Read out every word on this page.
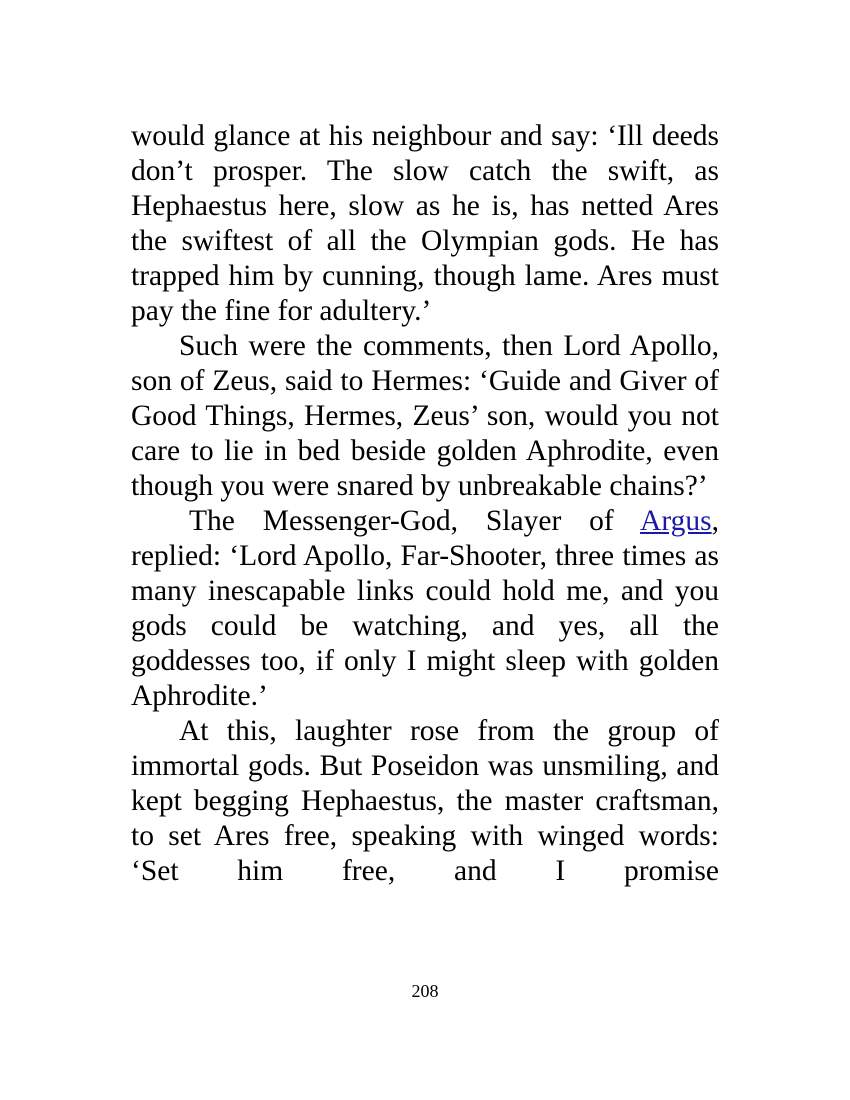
would glance at his neighbour and say: ‘Ill deeds don’t prosper. The slow catch the swift, as Hephaestus here, slow as he is, has netted Ares the swiftest of all the Olympian gods. He has trapped him by cunning, though lame. Ares must pay the fine for adultery.’

Such were the comments, then Lord Apollo, son of Zeus, said to Hermes: ‘Guide and Giver of Good Things, Hermes, Zeus’ son, would you not care to lie in bed beside golden Aphrodite, even though you were snared by unbreakable chains?’

The Messenger-God, Slayer of Argus, replied: ‘Lord Apollo, Far-Shooter, three times as many inescapable links could hold me, and you gods could be watching, and yes, all the goddesses too, if only I might sleep with golden Aphrodite.’

At this, laughter rose from the group of immortal gods. But Poseidon was unsmiling, and kept begging Hephaestus, the master craftsman, to set Ares free, speaking with winged words: ‘Set him free, and I promise

208
